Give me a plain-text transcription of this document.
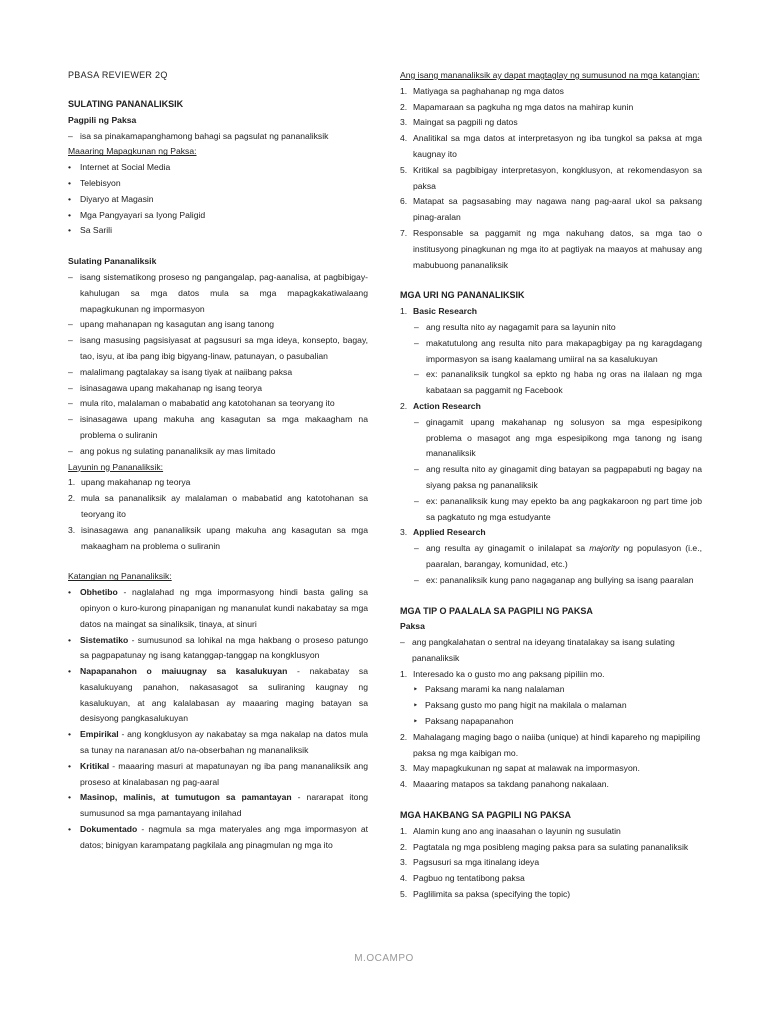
PBASA REVIEWER 2Q
SULATING PANANALIKSIK
Pagpili ng Paksa
– isa sa pinakamapanghamong bahagi sa pagsulat ng pananaliksik
Maaaring Mapagkunan ng Paksa:
• Internet at Social Media
• Telebisyon
• Diyaryo at Magasin
• Mga Pangyayari sa Iyong Paligid
• Sa Sarili
Sulating Pananaliksik
– isang sistematikong proseso ng pangangalap, pag-aanalisa, at pagbibigay-kahulugan sa mga datos mula sa mga mapagkakatiwalaang mapagkukunan ng impormasyon
– upang mahanapan ng kasagutan ang isang tanong
– isang masusing pagsisiyasat at pagsusuri sa mga ideya, konsepto, bagay, tao, isyu, at iba pang ibig bigyang-linaw, patunayan, o pasubalian
– malalimang pagtalakay sa isang tiyak at naiibang paksa
– isinasagawa upang makahanap ng isang teorya
– mula rito, malalaman o mababatid ang katotohanan sa teoryang ito
– isinasagawa upang makuha ang kasagutan sa mga makaagham na problema o suliranin
– ang pokus ng sulating pananaliksik ay mas limitado
Layunin ng Pananaliksik:
1. upang makahanap ng teorya
2. mula sa pananaliksik ay malalaman o mababatid ang katotohanan sa teoryang ito
3. isinasagawa ang pananaliksik upang makuha ang kasagutan sa mga makaagham na problema o suliranin
Katangian ng Pananaliksik:
• Obhetibo - naglalahad ng mga impormasyong hindi basta galing sa opinyon o kuro-kurong pinapanigan ng mananulat kundi nakabatay sa mga datos na maingat sa sinaliksik, tinaya, at sinuri
• Sistematiko - sumusunod sa lohikal na mga hakbang o proseso patungo sa pagpapatunay ng isang katanggap-tanggap na kongklusyon
• Napapanahon o maiuugnay sa kasalukuyan - nakabatay sa kasalukuyang panahon, nakasasagot sa suliraning kaugnay ng kasalukuyan, at ang kalalabasan ay maaaring maging batayan sa desisyong pangkasalukuyan
• Empirikal - ang kongklusyon ay nakabatay sa mga nakalap na datos mula sa tunay na naranasan at/o na-obserbahan ng mananaliksik
• Kritikal - maaaring masuri at mapatunayan ng iba pang mananaliksik ang proseso at kinalabasan ng pag-aaral
• Masinop, malinis, at tumutugon sa pamantayan - nararapat itong sumusunod sa mga pamantayang inilahad
• Dokumentado - nagmula sa mga materyales ang mga impormasyon at datos; binigyan karampatang pagkilala ang pinagmulan ng mga ito
Ang isang mananaliksik ay dapat magtaglay ng sumusunod na mga katangian:
1. Matiyaga sa paghahanap ng mga datos
2. Mapamaraan sa pagkuha ng mga datos na mahirap kunin
3. Maingat sa pagpili ng datos
4. Analitikal sa mga datos at interpretasyon ng iba tungkol sa paksa at mga kaugnay ito
5. Kritikal sa pagbibigay interpretasyon, kongklusyon, at rekomendasyon sa paksa
6. Matapat sa pagsasabing may nagawa nang pag-aaral ukol sa paksang pinag-aralan
7. Responsable sa paggamit ng mga nakuhang datos, sa mga tao o institusyong pinagkunan ng mga ito at pagtiyak na maayos at mahusay ang mabubuong pananaliksik
MGA URI NG PANANALIKSIK
1. Basic Research
– ang resulta nito ay nagagamit para sa layunin nito
– makatutulong ang resulta nito para makapagbigay pa ng karagdagang impormasyon sa isang kaalamang umiiral na sa kasalukuyan
– ex: pananaliksik tungkol sa epkto ng haba ng oras na ilalaan ng mga kabataan sa paggamit ng Facebook
2. Action Research
– ginagamit upang makahanap ng solusyon sa mga espesipikong problema o masagot ang mga espesipikong mga tanong ng isang mananaliksik
– ang resulta nito ay ginagamit ding batayan sa pagpapabuti ng bagay na siyang paksa ng pananaliksik
– ex: pananaliksik kung may epekto ba ang pagkakaroon ng part time job sa pagkatuto ng mga estudyante
3. Applied Research
– ang resulta ay ginagamit o inilalapat sa majority ng populasyon (i.e., paaralan, barangay, komunidad, etc.)
– ex: pananaliksik kung pano nagaganap ang bullying sa isang paaralan
MGA TIP O PAALALA SA PAGPILI NG PAKSA
Paksa
– ang pangkalahatan o sentral na ideyang tinatalakay sa isang sulating pananaliksik
1. Interesado ka o gusto mo ang paksang pipiliin mo.
‣ Paksang marami ka nang nalalaman
‣ Paksang gusto mo pang higit na makilala o malaman
‣ Paksang napapanahon
2. Mahalagang maging bago o naiiba (unique) at hindi kapareho ng mapipiling paksa ng mga kaibigan mo.
3. May mapagkukunan ng sapat at malawak na impormasyon.
4. Maaaring matapos sa takdang panahong nakalaan.
MGA HAKBANG SA PAGPILI NG PAKSA
1. Alamin kung ano ang inaasahan o layunin ng susulatin
2. Pagtatala ng mga posibleng maging paksa para sa sulating pananaliksik
3. Pagsusuri sa mga itinalang ideya
4. Pagbuo ng tentatibong paksa
5. Paglilimita sa paksa (specifying the topic)
M.OCAMPO
